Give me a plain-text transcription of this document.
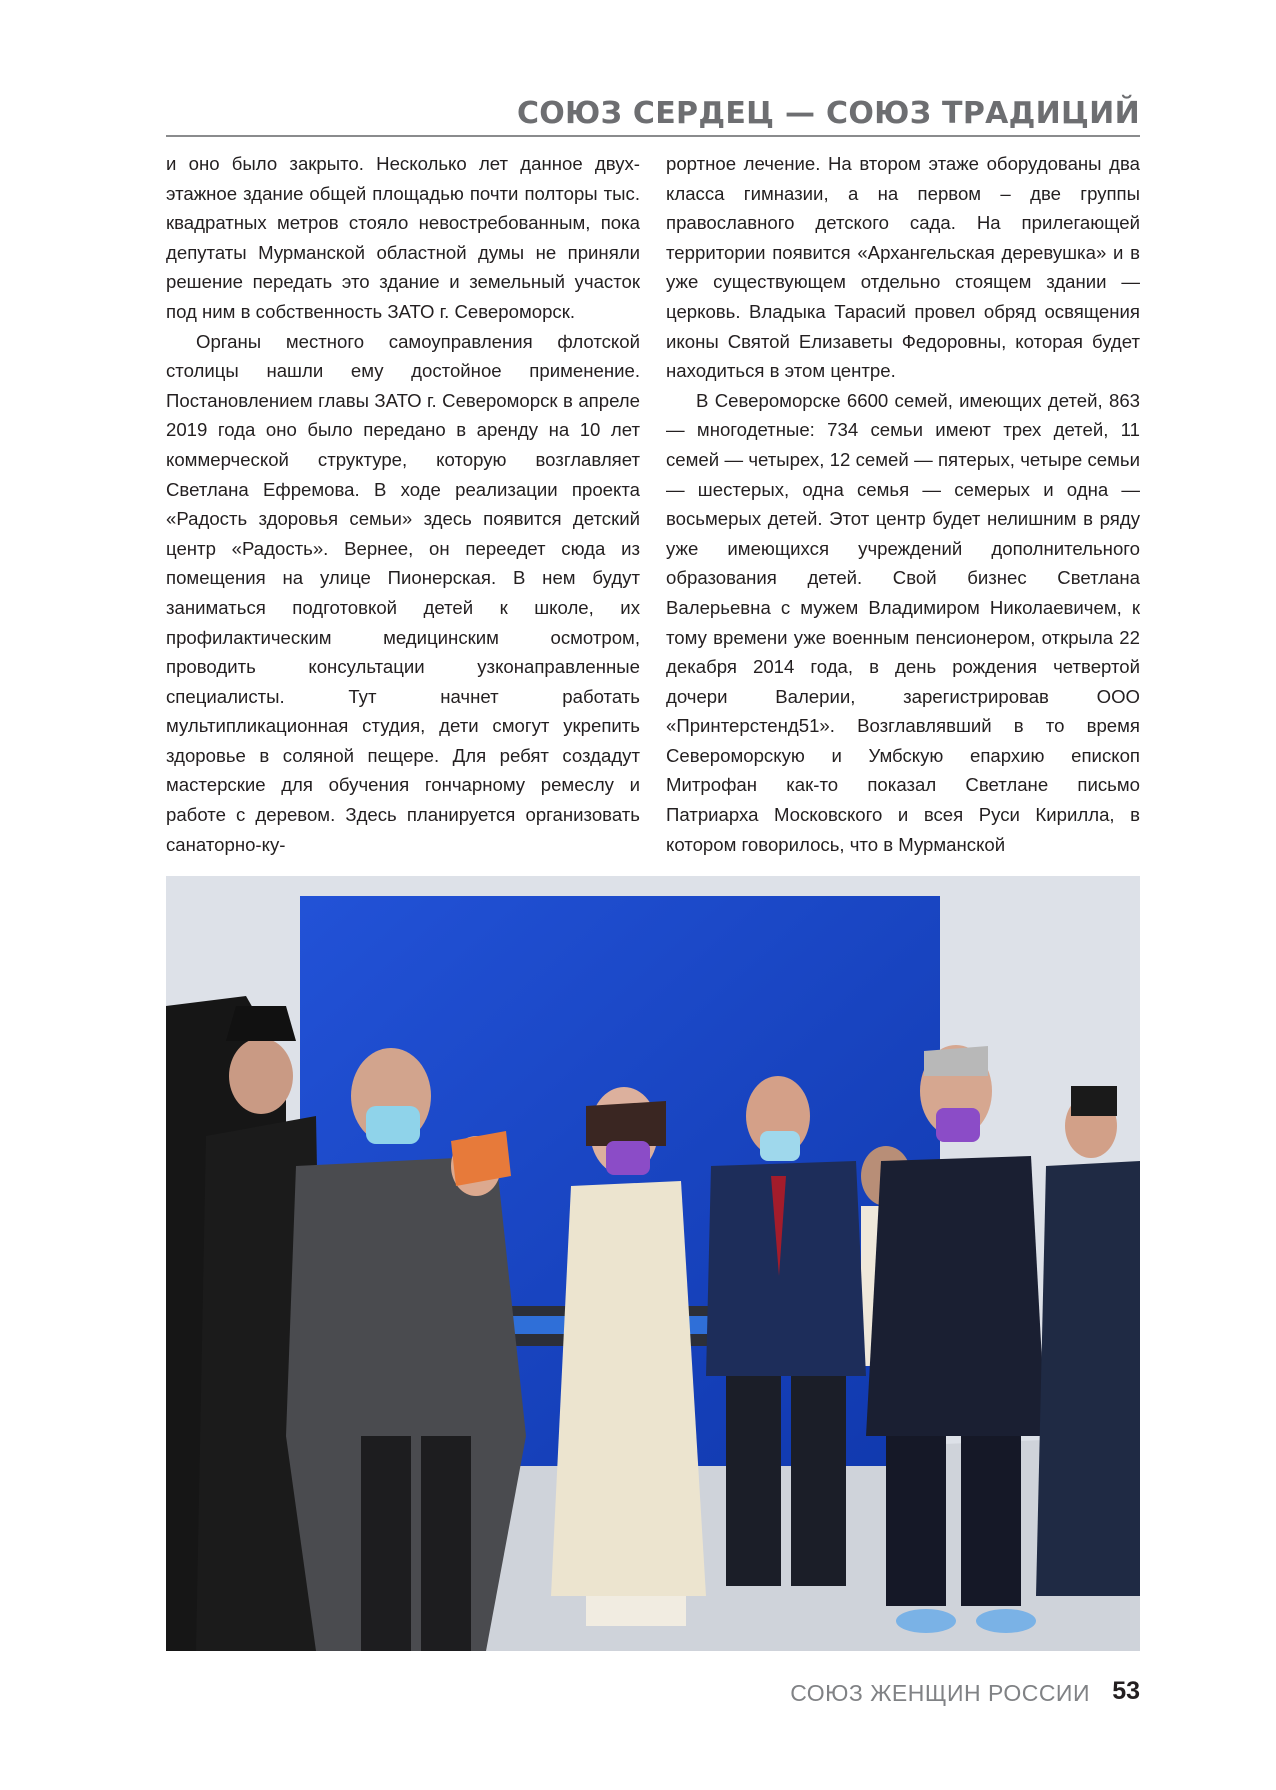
СОЮЗ СЕРДЕЦ — СОЮЗ ТРАДИЦИЙ

и оно было закрыто. Несколько лет данное двух-этажное здание общей площадью почти полторы тыс. квадратных метров стояло невостребованным, пока депутаты Мурманской областной думы не приняли решение передать это здание и земельный участок под ним в собственность ЗАТО г. Североморск.

Органы местного самоуправления флотской столицы нашли ему достойное применение. Постановлением главы ЗАТО г. Североморск в апреле 2019 года оно было передано в аренду на 10 лет коммерческой структуре, которую возглавляет Светлана Ефремова. В ходе реализации проекта «Радость здоровья семьи» здесь появится детский центр «Радость». Вернее, он переедет сюда из помещения на улице Пионерская. В нем будут заниматься подготовкой детей к школе, их профилактическим медицинским осмотром, проводить консультации узконаправленные специалисты. Тут начнет работать мультипликационная студия, дети смогут укрепить здоровье в соляной пещере. Для ребят создадут мастерские для обучения гончарному ремеслу и работе с деревом. Здесь планируется организовать санаторно-ку-

рортное лечение. На втором этаже оборудованы два класса гимназии, а на первом – две группы православного детского сада. На прилегающей территории появится «Архангельская деревушка» и в уже существующем отдельно стоящем здании — церковь. Владыка Тарасий провел обряд освящения иконы Святой Елизаветы Федоровны, которая будет находиться в этом центре.

В Североморске 6600 семей, имеющих детей, 863 — многодетные: 734 семьи имеют трех детей, 11 семей — четырех, 12 семей — пятерых, четыре семьи — шестерых, одна семья — семерых и одна — восьмерых детей. Этот центр будет нелишним в ряду уже имеющихся учреждений дополнительного образования детей. Свой бизнес Светлана Валерьевна с мужем Владимиром Николаевичем, к тому времени уже военным пенсионером, открыла 22 декабря 2014 года, в день рождения четвертой дочери Валерии, зарегистрировав ООО «Принтерстенд51». Возглавлявший в то время Североморскую и Умбскую епархию епископ Митрофан как-то показал Светлане письмо Патриарха Московского и всея Руси Кирилла, в котором говорилось, что в Мурманской

СОЮЗ ЖЕНЩИН РОССИИ 53
